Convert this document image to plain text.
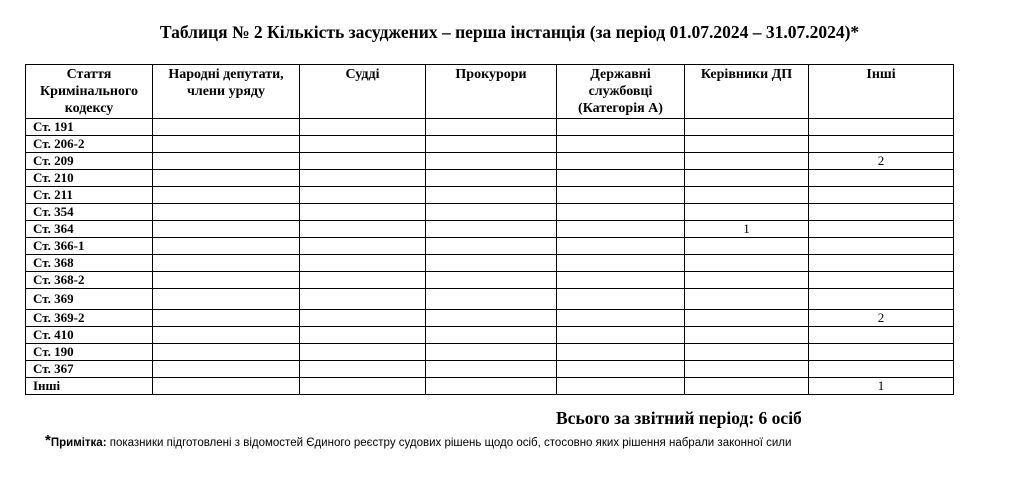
Таблиця № 2 Кількість засуджених – перша інстанція (за період 01.07.2024 – 31.07.2024)*
Стаття Кримінального кодексу	Народні депутати, члени уряду	Судді	Прокурори	Державні службовці (Категорія А)	Керівники ДП	Інші
Ст. 191						
Ст. 206-2						
Ст. 209						2
Ст. 210						
Ст. 211						
Ст. 354						
Ст. 364					1	
Ст. 366-1						
Ст. 368						
Ст. 368-2						
Ст. 369						
Ст. 369-2						2
Ст. 410						
Ст. 190						
Ст. 367						
Інші						1
Всього за звітний період: 6 осіб
*Примітка: показники підготовлені з відомостей Єдиного реєстру судових рішень щодо осіб, стосовно яких рішення набрали законної сили
